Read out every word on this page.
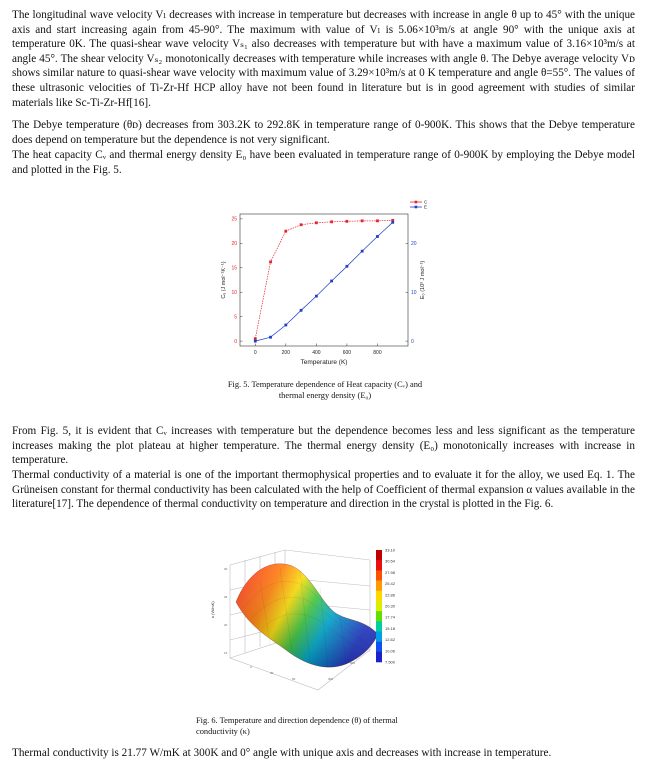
The longitudinal wave velocity Vₗ decreases with increase in temperature but decreases with increase in angle θ up to 45° with the unique axis and start increasing again from 45-90°. The maximum with value of Vₗ is 5.06×10³m/s at angle 90° with the unique axis at temperature 0K. The quasi-shear wave velocity Vₛ₁ also decreases with temperature but with have a maximum value of 3.16×10³m/s at angle 45°. The shear velocity Vₛ₂ monotonically decreases with temperature while increases with angle θ. The Debye average velocity Vᴅ shows similar nature to quasi-shear wave velocity with maximum value of 3.29×10³m/s at 0 K temperature and angle θ=55°. The values of these ultrasonic velocities of Ti-Zr-Hf HCP alloy have not been found in literature but is in good agreement with studies of similar materials like Sc-Ti-Zr-Hf[16].

The Debye temperature (θᴅ) decreases from 303.2K to 292.8K in temperature range of 0-900K. This shows that the Debye temperature does depend on temperature but the dependence is not very significant.

The heat capacity Cᵥ and thermal energy density E₀ have been evaluated in temperature range of 0-900K by employing the Debye model and plotted in the Fig. 5.

0	200	400	600	800
0
5
10
15
20
25
0
10
20
Temperature (K)
Cᵥ (J mol⁻¹K⁻¹)	E₀ (10³ J mol⁻¹)
C
E

Fig. 5. Temperature dependence of Heat capacity (Cᵥ) and
thermal energy density (E₀)

From Fig. 5, it is evident that Cᵥ increases with temperature but the dependence becomes less and less significant as the temperature increases making the plot plateau at higher temperature. The thermal energy density (E₀) monotonically increases with increase in temperature.

Thermal conductivity of a material is one of the important thermophysical properties and to evaluate it for the alloy, we used Eq. 1. The Grüneisen constant for thermal conductivity has been calculated with the help of Coefficient of thermal expansion α values available in the literature[17]. The dependence of thermal conductivity on temperature and direction in the crystal is plotted in the Fig. 6.

30
25
20
15
0
30
60	300
600
κ (W/mK)
33.10
30.54
27.98
25.42
22.86
20.30
17.74
15.18
12.62
10.06
7.500

Fig. 6. Temperature and direction dependence (θ) of thermal
conductivity (κ)

Thermal conductivity is 21.77 W/mK at 300K and 0° angle with unique axis and decreases with increase in temperature.
